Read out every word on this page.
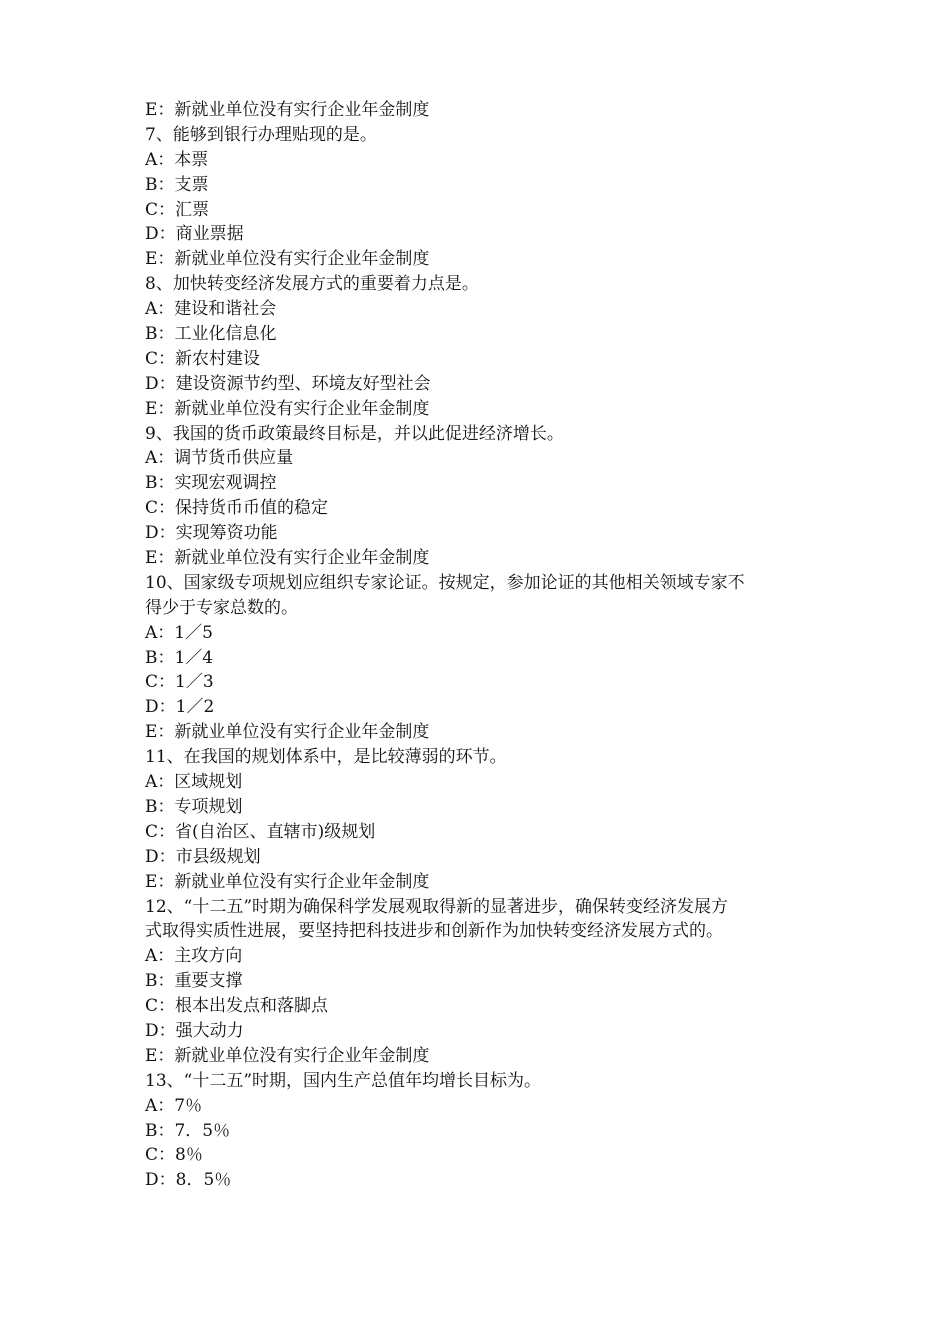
E：新就业单位没有实行企业年金制度
7、能够到银行办理贴现的是。
A：本票
B：支票
C：汇票
D：商业票据
E：新就业单位没有实行企业年金制度
8、加快转变经济发展方式的重要着力点是。
A：建设和谐社会
B：工业化信息化
C：新农村建设
D：建设资源节约型、环境友好型社会
E：新就业单位没有实行企业年金制度
9、我国的货币政策最终目标是，并以此促进经济增长。
A：调节货币供应量
B：实现宏观调控
C：保持货币币值的稳定
D：实现筹资功能
E：新就业单位没有实行企业年金制度
10、国家级专项规划应组织专家论证。按规定，参加论证的其他相关领域专家不
得少于专家总数的。
A：1／5
B：1／4
C：1／3
D：1／2
E：新就业单位没有实行企业年金制度
11、在我国的规划体系中，是比较薄弱的环节。
A：区域规划
B：专项规划
C：省(自治区、直辖市)级规划
D：市县级规划
E：新就业单位没有实行企业年金制度
12、“十二五”时期为确保科学发展观取得新的显著进步，确保转变经济发展方
式取得实质性进展，要坚持把科技进步和创新作为加快转变经济发展方式的。
A：主攻方向
B：重要支撑
C：根本出发点和落脚点
D：强大动力
E：新就业单位没有实行企业年金制度
13、“十二五”时期，国内生产总值年均增长目标为。
A：7％
B：7．5％
C：8％
D：8．5％
